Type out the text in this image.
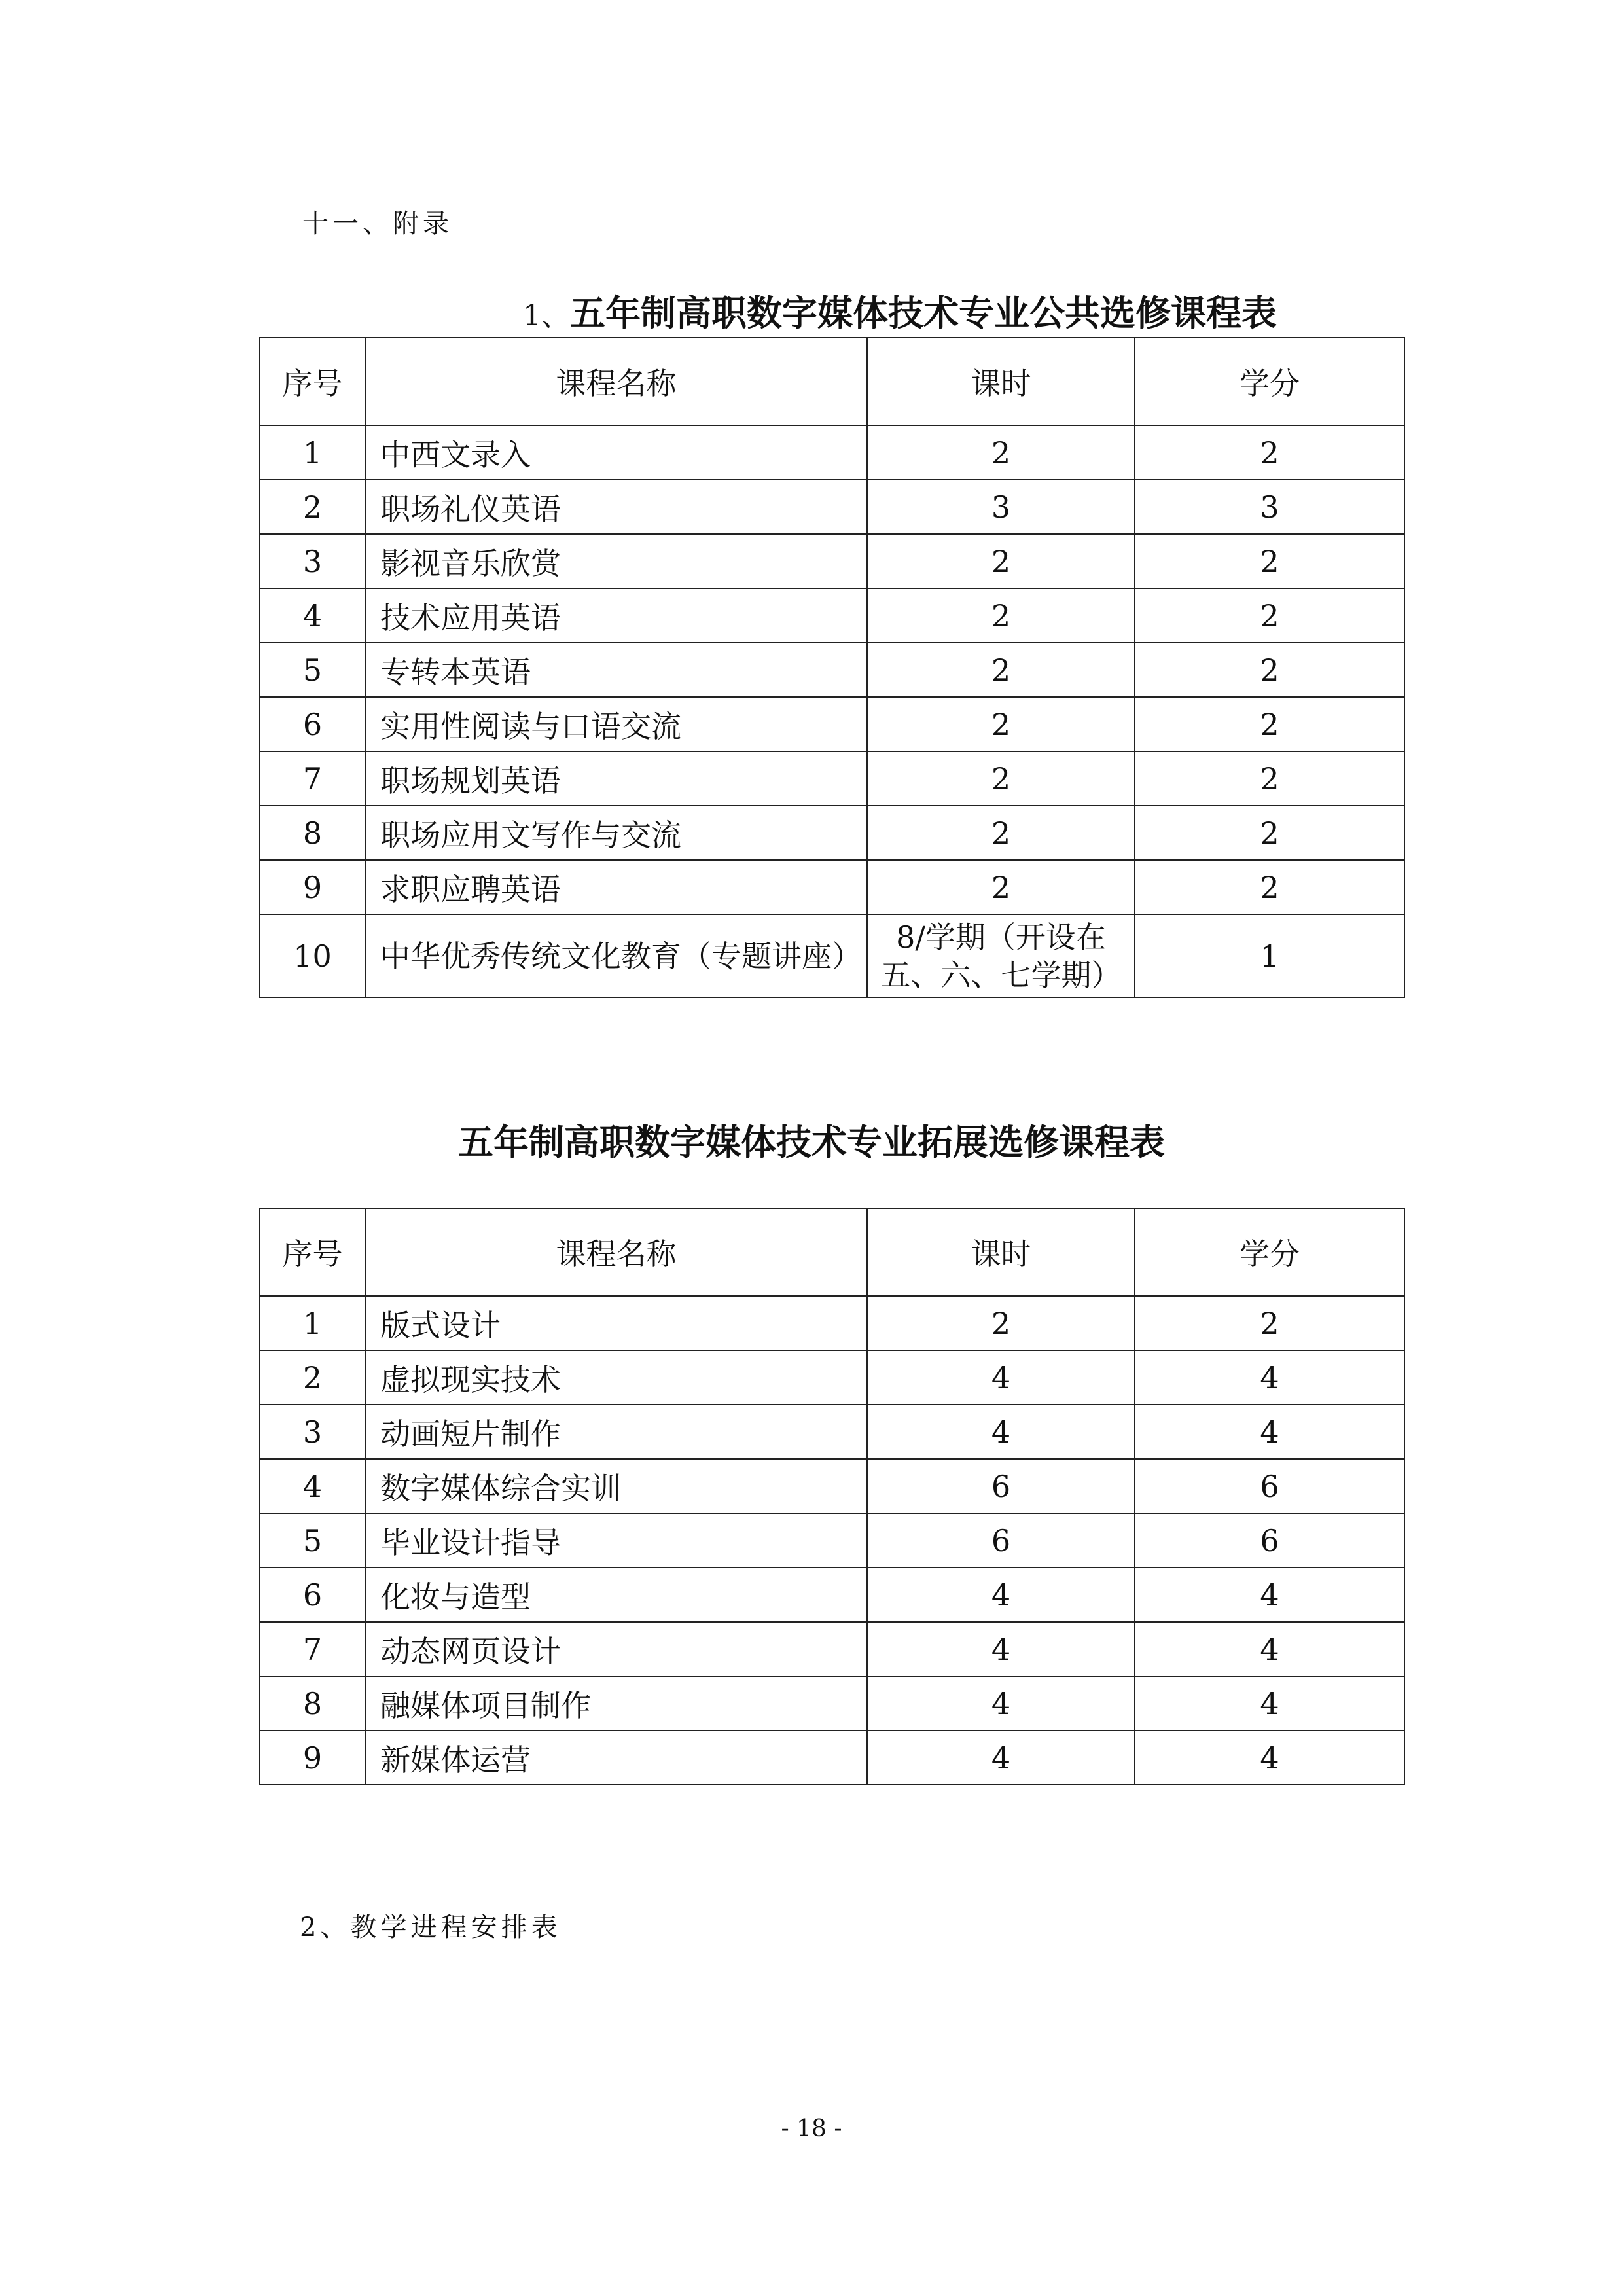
十一、附录
1、五年制高职数字媒体技术专业公共选修课程表
序号	课程名称	课时	学分
1	中西文录入	2	2
2	职场礼仪英语	3	3
3	影视音乐欣赏	2	2
4	技术应用英语	2	2
5	专转本英语	2	2
6	实用性阅读与口语交流	2	2
7	职场规划英语	2	2
8	职场应用文写作与交流	2	2
9	求职应聘英语	2	2
10	中华优秀传统文化教育（专题讲座）	8/学期（开设在五、六、七学期）	1
五年制高职数字媒体技术专业拓展选修课程表
序号	课程名称	课时	学分
1	版式设计	2	2
2	虚拟现实技术	4	4
3	动画短片制作	4	4
4	数字媒体综合实训	6	6
5	毕业设计指导	6	6
6	化妆与造型	4	4
7	动态网页设计	4	4
8	融媒体项目制作	4	4
9	新媒体运营	4	4
2、教学进程安排表
- 18 -
